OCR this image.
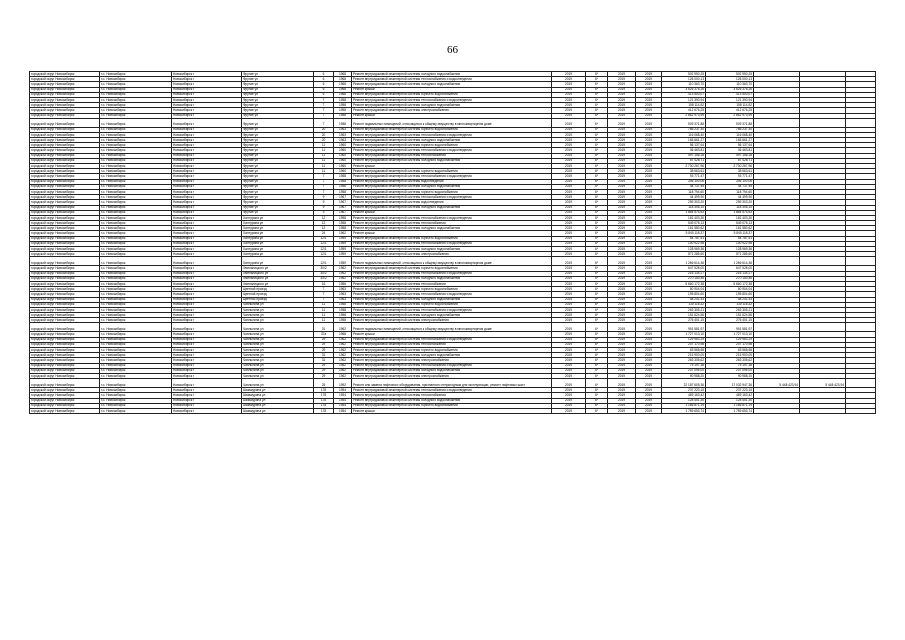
66
городской округ Новосибирск	г.о. Новосибирск	Новосибирск г	Фрунзе ул	6	1968	Ремонт внутридомовой инженерной системы холодного водоснабжения	2019	6*	2019	2019	502 950,25	502 950,25			
городской округ Новосибирск	г.о. Новосибирск	Новосибирск г	Фрунзе ул	6	1968	Ремонт внутридомовой инженерной системы теплоснабжения и водоотведения	2019	6*	2019	2019	126 000,13	126 000,13			
городской округ Новосибирск	г.о. Новосибирск	Новосибирск г	Фрунзе ул	6	1968	Ремонт внутридомовой инженерной системы холодного водоснабжения	2019	6*	2019	2019	110 363,70	110 363,70			
городской округ Новосибирск	г.о. Новосибирск	Новосибирск г	Фрунзе ул	6	1968	Ремонт крыши	2019	6*	2019	2019	3 626 376,26	3 626 376,26			
городской округ Новосибирск	г.о. Новосибирск	Новосибирск г	Фрунзе ул	6	1968	Ремонт внутридомовой инженерной системы горячего водоснабжения	2019	6*	2019	2019	413 500,07	413 500,07			
городской округ Новосибирск	г.о. Новосибирск	Новосибирск г	Фрунзе ул	7	1958	Ремонт внутридомовой инженерной системы теплоснабжения и водоотведения	2019	6*	2019	2019	121 390,94	121 390,94			
городской округ Новосибирск	г.о. Новосибирск	Новосибирск г	Фрунзе ул	7	1958	Ремонт внутридомовой инженерной системы холодного водоснабжения	2019	6*	2019	2019	158 114,52	158 114,52			
городской округ Новосибирск	г.о. Новосибирск	Новосибирск г	Фрунзе ул	7	1958	Ремонт внутридомовой инженерной системы электроснабжения	2019	6*	2019	2019	412 676,25	412 676,25			
городской округ Новосибирск	г.о. Новосибирск	Новосибирск г	Фрунзе ул	7	1958	Ремонт крыши	2019	6*	2019	2019	2 862 973,99	2 862 973,99			
городской округ Новосибирск	г.о. Новосибирск	Новосибирск г	Фрунзе ул	7	1958	Ремонт подвальных помещений, относящихся к общему имуществу в многоквартирном доме	2019	6*	2019	2019	509 371,88	509 371,88			
городской округ Новосибирск	г.о. Новосибирск	Новосибирск г	Фрунзе ул	20	1963	Ремонт внутридомовой инженерной системы горячего водоснабжения	2019	6*	2019	2019	766 237,30	766 237,30			
городской округ Новосибирск	г.о. Новосибирск	Новосибирск г	Фрунзе ул	20	1963	Ремонт внутридомовой инженерной системы теплоснабжения и водоотведения	2019	6*	2019	2019	116 068,40	116 068,40			
городской округ Новосибирск	г.о. Новосибирск	Новосибирск г	Фрунзе ул	20	1963	Ремонт внутридомовой инженерной системы холодного водоснабжения	2019	6*	2019	2019	165 661,27	165 661,27			
городской округ Новосибирск	г.о. Новосибирск	Новосибирск г	Фрунзе ул	11	1960	Ремонт внутридомовой инженерной системы горячего водоснабжения	2019	6*	2019	2019	96 137,64	96 137,64			
городской округ Новосибирск	г.о. Новосибирск	Новосибирск г	Фрунзе ул	11	1960	Ремонт внутридомовой инженерной системы теплоснабжения и водоотведения	2019	6*	2019	2019	36 463,81	36 463,81			
городской округ Новосибирск	г.о. Новосибирск	Новосибирск г	Фрунзе ул	11	1960	Ремонт внутридомовой инженерной системы теплоснабжения	2019	6*	2019	2019	497 156,18	497 156,18			
городской округ Новосибирск	г.о. Новосибирск	Новосибирск г	Фрунзе ул	11	1960	Ремонт внутридомовой инженерной системы холодного водоснабжения	2019	6*	2019	2019	87 428,71	87 428,71			
городской округ Новосибирск	г.о. Новосибирск	Новосибирск г	Фрунзе ул	11	1960	Ремонт крыши	2019	6*	2019	2019	2 730 267,96	2 730 267,96			
городской округ Новосибирск	г.о. Новосибирск	Новосибирск г	Фрунзе ул	11	1960	Ремонт внутридомовой инженерной системы горячего водоснабжения	2019	6*	2019	2019	38 663,61	38 663,61			
городской округ Новосибирск	г.о. Новосибирск	Новосибирск г	Фрунзе ул	7	1958	Ремонт внутридомовой инженерной системы теплоснабжения и водоотведения	2019	6*	2019	2019	93 771,47	93 771,47			
городской округ Новосибирск	г.о. Новосибирск	Новосибирск г	Фрунзе ул	7	1958	Ремонт внутридомовой инженерной системы водоотведения	2019	6*	2019	2019	306 100,06	306 100,06			
городской округ Новосибирск	г.о. Новосибирск	Новосибирск г	Фрунзе ул	7	1958	Ремонт внутридомовой инженерной системы холодного водоснабжения	2019	6*	2019	2019	44 737,55	44 737,55			
городской округ Новосибирск	г.о. Новосибирск	Новосибирск г	Фрунзе ул	7	1958	Ремонт внутридомовой инженерной системы горячего водоснабжения	2019	6*	2019	2019	118 794,60	118 794,60			
городской округ Новосибирск	г.о. Новосибирск	Новосибирск г	Фрунзе ул	9	1967	Ремонт внутридомовой инженерной системы теплоснабжения и водоотведения	2019	6*	2019	2019	44 499,90	44 499,90			
городской округ Новосибирск	г.о. Новосибирск	Новосибирск г	Фрунзе ул	9	1967	Ремонт внутридомовой инженерной системы водоотведения	2019	6*	2019	2019	259 303,20	259 303,20			
городской округ Новосибирск	г.о. Новосибирск	Новосибирск г	Фрунзе ул	9	1967	Ремонт внутридомовой инженерной системы холодного водоснабжения	2019	6*	2019	2019	118 306,10	118 306,10			
городской округ Новосибирск	г.о. Новосибирск	Новосибирск г	Фрунзе ул	9	1967	Ремонт крыши	2019	6*	2019	2019	1 884 574,63	1 884 574,63			
городской округ Новосибирск	г.о. Новосибирск	Новосибирск г	Халтурина ул	12	1958	Ремонт внутридомовой инженерной системы теплоснабжения и водоотведения	2019	6*	2019	2019	162 403,30	162 403,30			
городской округ Новосибирск	г.о. Новосибирск	Новосибирск г	Халтурина ул	12	1958	Ремонт внутридомовой инженерной системы теплоснабжения	2019	6*	2019	2019	549 076,13	549 076,13			
городской округ Новосибирск	г.о. Новосибирск	Новосибирск г	Халтурина ул	12	1958	Ремонт внутридомовой инженерной системы холодного водоснабжения	2019	6*	2019	2019	161 580,62	161 580,62			
городской округ Новосибирск	г.о. Новосибирск	Новосибирск г	Халтурина ул	24	1962	Ремонт крыши	2019	6*	2019	2019	5 845 118,37	5 845 118,37			
городской округ Новосибирск	г.о. Новосибирск	Новосибирск г	Халтурина ул	12/1	1959	Ремонт внутридомовой инженерной системы горячего водоснабжения	2019	6*	2019	2019	64 787,51	64 787,51			
городской округ Новосибирск	г.о. Новосибирск	Новосибирск г	Халтурина ул	12/1	1959	Ремонт внутридомовой инженерной системы теплоснабжения и водоотведения	2019	6*	2019	2019	100 922,98	100 922,98			
городской округ Новосибирск	г.о. Новосибирск	Новосибирск г	Халтурина ул	12/1	1959	Ремонт внутридомовой инженерной системы холодного водоснабжения	2019	6*	2019	2019	128 969,36	128 969,36			
городской округ Новосибирск	г.о. Новосибирск	Новосибирск г	Халтурина ул	12/1	1959	Ремонт внутридомовой инженерной системы электроснабжения	2019	6*	2019	2019	571 285,60	571 285,60			
городской округ Новосибирск	г.о. Новосибирск	Новосибирск г	Халтурина ул	12/1	1959	Ремонт подвальных помещений, относящихся к общему имуществу в многоквартирном доме	2019	6*	2019	2019	1 266 614,36	1 266 614,36			
городской округ Новосибирск	г.о. Новосибирск	Новосибирск г	Хмельницкого ул	30/2	1962	Ремонт внутридомовой инженерной системы горячего водоснабжения	2019	6*	2019	2019	647 528,00	647 528,00			
городской округ Новосибирск	г.о. Новосибирск	Новосибирск г	Хмельницкого ул	30/2	1962	Ремонт внутридомовой инженерной системы теплоснабжения и водоотведения	2019	6*	2019	2019	216 134,27	216 134,27			
городской округ Новосибирск	г.о. Новосибирск	Новосибирск г	Хмельницкого ул	30/2	1962	Ремонт внутридомовой инженерной системы холодного водоснабжения	2019	6*	2019	2019	270 150,46	270 150,46			
городской округ Новосибирск	г.о. Новосибирск	Новосибирск г	Хмельницкого ул	16	1956	Ремонт внутридомовой инженерной системы теплоснабжения	2019	6*	2019	2019	6 660 172,38	6 660 172,38			
городской округ Новосибирск	г.о. Новосибирск	Новосибирск г	Цветной проезд	7	1963	Ремонт внутридомовой инженерной системы горячего водоснабжения	2019	6*	2019	2019	60 904,04	60 904,04			
городской округ Новосибирск	г.о. Новосибирск	Новосибирск г	Цветной проезд	7	1963	Ремонт внутридомовой инженерной системы теплоснабжения и водоотведения	2019	6*	2019	2019	195 804,60	195 804,60			
городской округ Новосибирск	г.о. Новосибирск	Новосибирск г	Цветной проезд	7	1963	Ремонт внутридомовой инженерной системы холодного водоснабжения	2019	6*	2019	2019	48 201,43	48 201,43			
городской округ Новосибирск	г.о. Новосибирск	Новосибирск г	Чаплыгина ул	11	1958	Ремонт внутридомовой инженерной системы горячего водоснабжения	2019	6*	2019	2019	130 116,32	130 116,32			
городской округ Новосибирск	г.о. Новосибирск	Новосибирск г	Чаплыгина ул	11	1958	Ремонт внутридомовой инженерной системы теплоснабжения и водоотведения	2019	6*	2019	2019	263 305,21	263 305,21			
городской округ Новосибирск	г.о. Новосибирск	Новосибирск г	Чаплыгина ул	11	1958	Ремонт внутридомовой инженерной системы холодного водоснабжения	2019	6*	2019	2019	151 624,56	151 624,56			
городской округ Новосибирск	г.о. Новосибирск	Новосибирск г	Чаплыгина ул	11	1958	Ремонт внутридомовой инженерной системы электроснабжения	2019	6*	2019	2019	276 401,15	276 401,15			
городской округ Новосибирск	г.о. Новосибирск	Новосибирск г	Чаплыгина ул	31	1962	Ремонт подвальных помещений, относящихся к общему имуществу в многоквартирном доме	2019	6*	2019	2019	951 581,97	951 581,97			
городской округ Новосибирск	г.о. Новосибирск	Новосибирск г	Чаплыгина ул	37а	1968	Ремонт крыши	2019	6*	2019	2019	1 727 013,10	1 727 013,10			
городской округ Новосибирск	г.о. Новосибирск	Новосибирск г	Чаплыгина ул	29	1962	Ремонт внутридомовой инженерной системы теплоснабжения и водоотведения	2019	6*	2019	2019	129 963,29	129 963,29			
городской округ Новосибирск	г.о. Новосибирск	Новосибирск г	Чаплыгина ул	29	1962	Ремонт внутридомовой инженерной системы теплоснабжения	2019	6*	2019	2019	207 170,98	207 170,98			
городской округ Новосибирск	г.о. Новосибирск	Новосибирск г	Чаплыгина ул	29	1962	Ремонт внутридомовой инженерной системы горячего водоснабжения	2019	6*	2019	2019	63 565,68	63 565,68			
городской округ Новосибирск	г.о. Новосибирск	Новосибирск г	Чаплыгина ул	31	1962	Ремонт внутридомовой инженерной системы холодного водоснабжения	2019	6*	2019	2019	215 900,00	215 900,00			
городской округ Новосибирск	г.о. Новосибирск	Новосибирск г	Чаплыгина ул	31	1962	Ремонт внутридомовой инженерной системы электроснабжения	2019	6*	2019	2019	263 305,62	263 305,62			
городской округ Новосибирск	г.о. Новосибирск	Новосибирск г	Чаплыгина ул	29	1962	Ремонт внутридомовой инженерной системы теплоснабжения и водоотведения	2019	6*	2019	2019	75 197,38	75 197,38			
городской округ Новосибирск	г.о. Новосибирск	Новосибирск г	Чаплыгина ул	29	1962	Ремонт внутридомовой инженерной системы холодного водоснабжения	2019	6*	2019	2019	207 096,00	207 096,00			
городской округ Новосибирск	г.о. Новосибирск	Новосибирск г	Чаплыгина ул	29	1962	Ремонт внутридомовой инженерной системы электроснабжения	2019	6*	2019	2019	90 988,20	90 988,20			
городской округ Новосибирск	г.о. Новосибирск	Новосибирск г	Чаплыгина ул	25	1992	Ремонт или замена лифтового оборудования, признанного непригодным для эксплуатации, ремонт лифтовых шахт	2019	6*	2019	2019	22 187 605,36	17 032 947,36	5 448 423,94	5 448 423,94	
городской округ Новосибирск	г.о. Новосибирск	Новосибирск г	Шамшурина ул	178	1954	Ремонт внутридомовой инженерной системы теплоснабжения и водоотведения	2019	6*	2019	2019	237 223,15	237 223,15			
городской округ Новосибирск	г.о. Новосибирск	Новосибирск г	Шамшурина ул	178	1954	Ремонт внутридомовой инженерной системы теплоснабжения	2019	6*	2019	2019	469 163,42	469 163,42			
городской округ Новосибирск	г.о. Новосибирск	Новосибирск г	Шамшурина ул	178	1954	Ремонт внутридомовой инженерной системы холодного водоснабжения	2019	6*	2019	2019	128 451,30	128 451,30			
городской округ Новосибирск	г.о. Новосибирск	Новосибирск г	Шамшурина ул	178	1954	Ремонт внутридомовой инженерной системы горячего водоснабжения	2019	6*	2019	2019	1 186 871,19	1 186 871,19			
городской округ Новосибирск	г.о. Новосибирск	Новосибирск г	Шамшурина ул	178	1954	Ремонт крыши	2019	6*	2019	2019	1 789 653,74	1 789 653,74			
